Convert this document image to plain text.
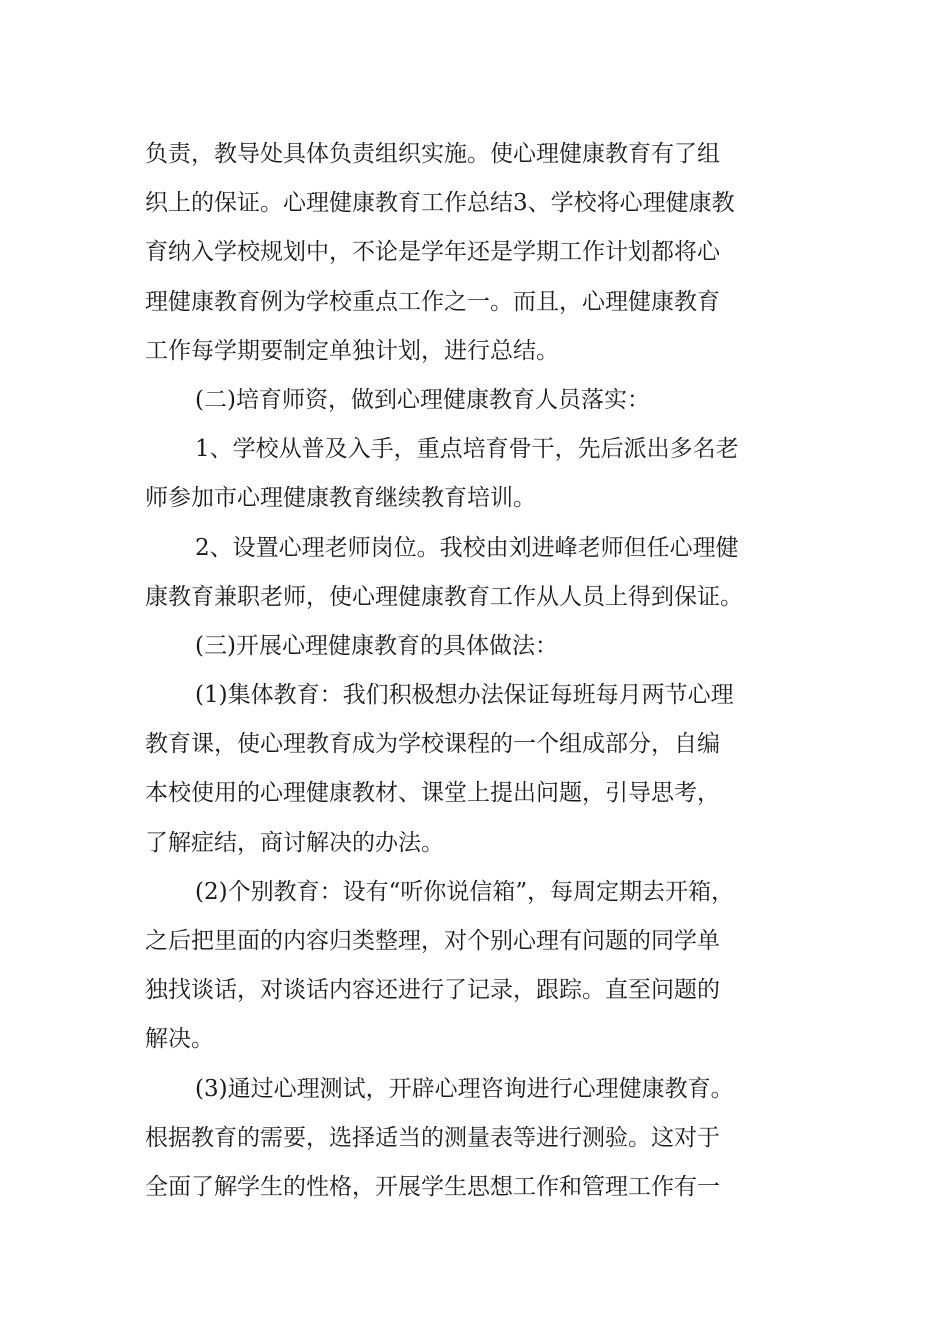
负责，教导处具体负责组织实施。使心理健康教育有了组
织上的保证。心理健康教育工作总结3、学校将心理健康教
育纳入学校规划中，不论是学年还是学期工作计划都将心
理健康教育例为学校重点工作之一。而且，心理健康教育
工作每学期要制定单独计划，进行总结。
(二)培育师资，做到心理健康教育人员落实：
1、学校从普及入手，重点培育骨干，先后派出多名老
师参加市心理健康教育继续教育培训。
2、设置心理老师岗位。我校由刘进峰老师但任心理健
康教育兼职老师，使心理健康教育工作从人员上得到保证。
(三)开展心理健康教育的具体做法：
(1)集体教育：我们积极想办法保证每班每月两节心理
教育课，使心理教育成为学校课程的一个组成部分，自编
本校使用的心理健康教材、课堂上提出问题，引导思考，
了解症结，商讨解决的办法。
(2)个别教育：设有“听你说信箱”，每周定期去开箱，
之后把里面的内容归类整理，对个别心理有问题的同学单
独找谈话，对谈话内容还进行了记录，跟踪。直至问题的
解决。
(3)通过心理测试，开辟心理咨询进行心理健康教育。
根据教育的需要，选择适当的测量表等进行测验。这对于
全面了解学生的性格，开展学生思想工作和管理工作有一
